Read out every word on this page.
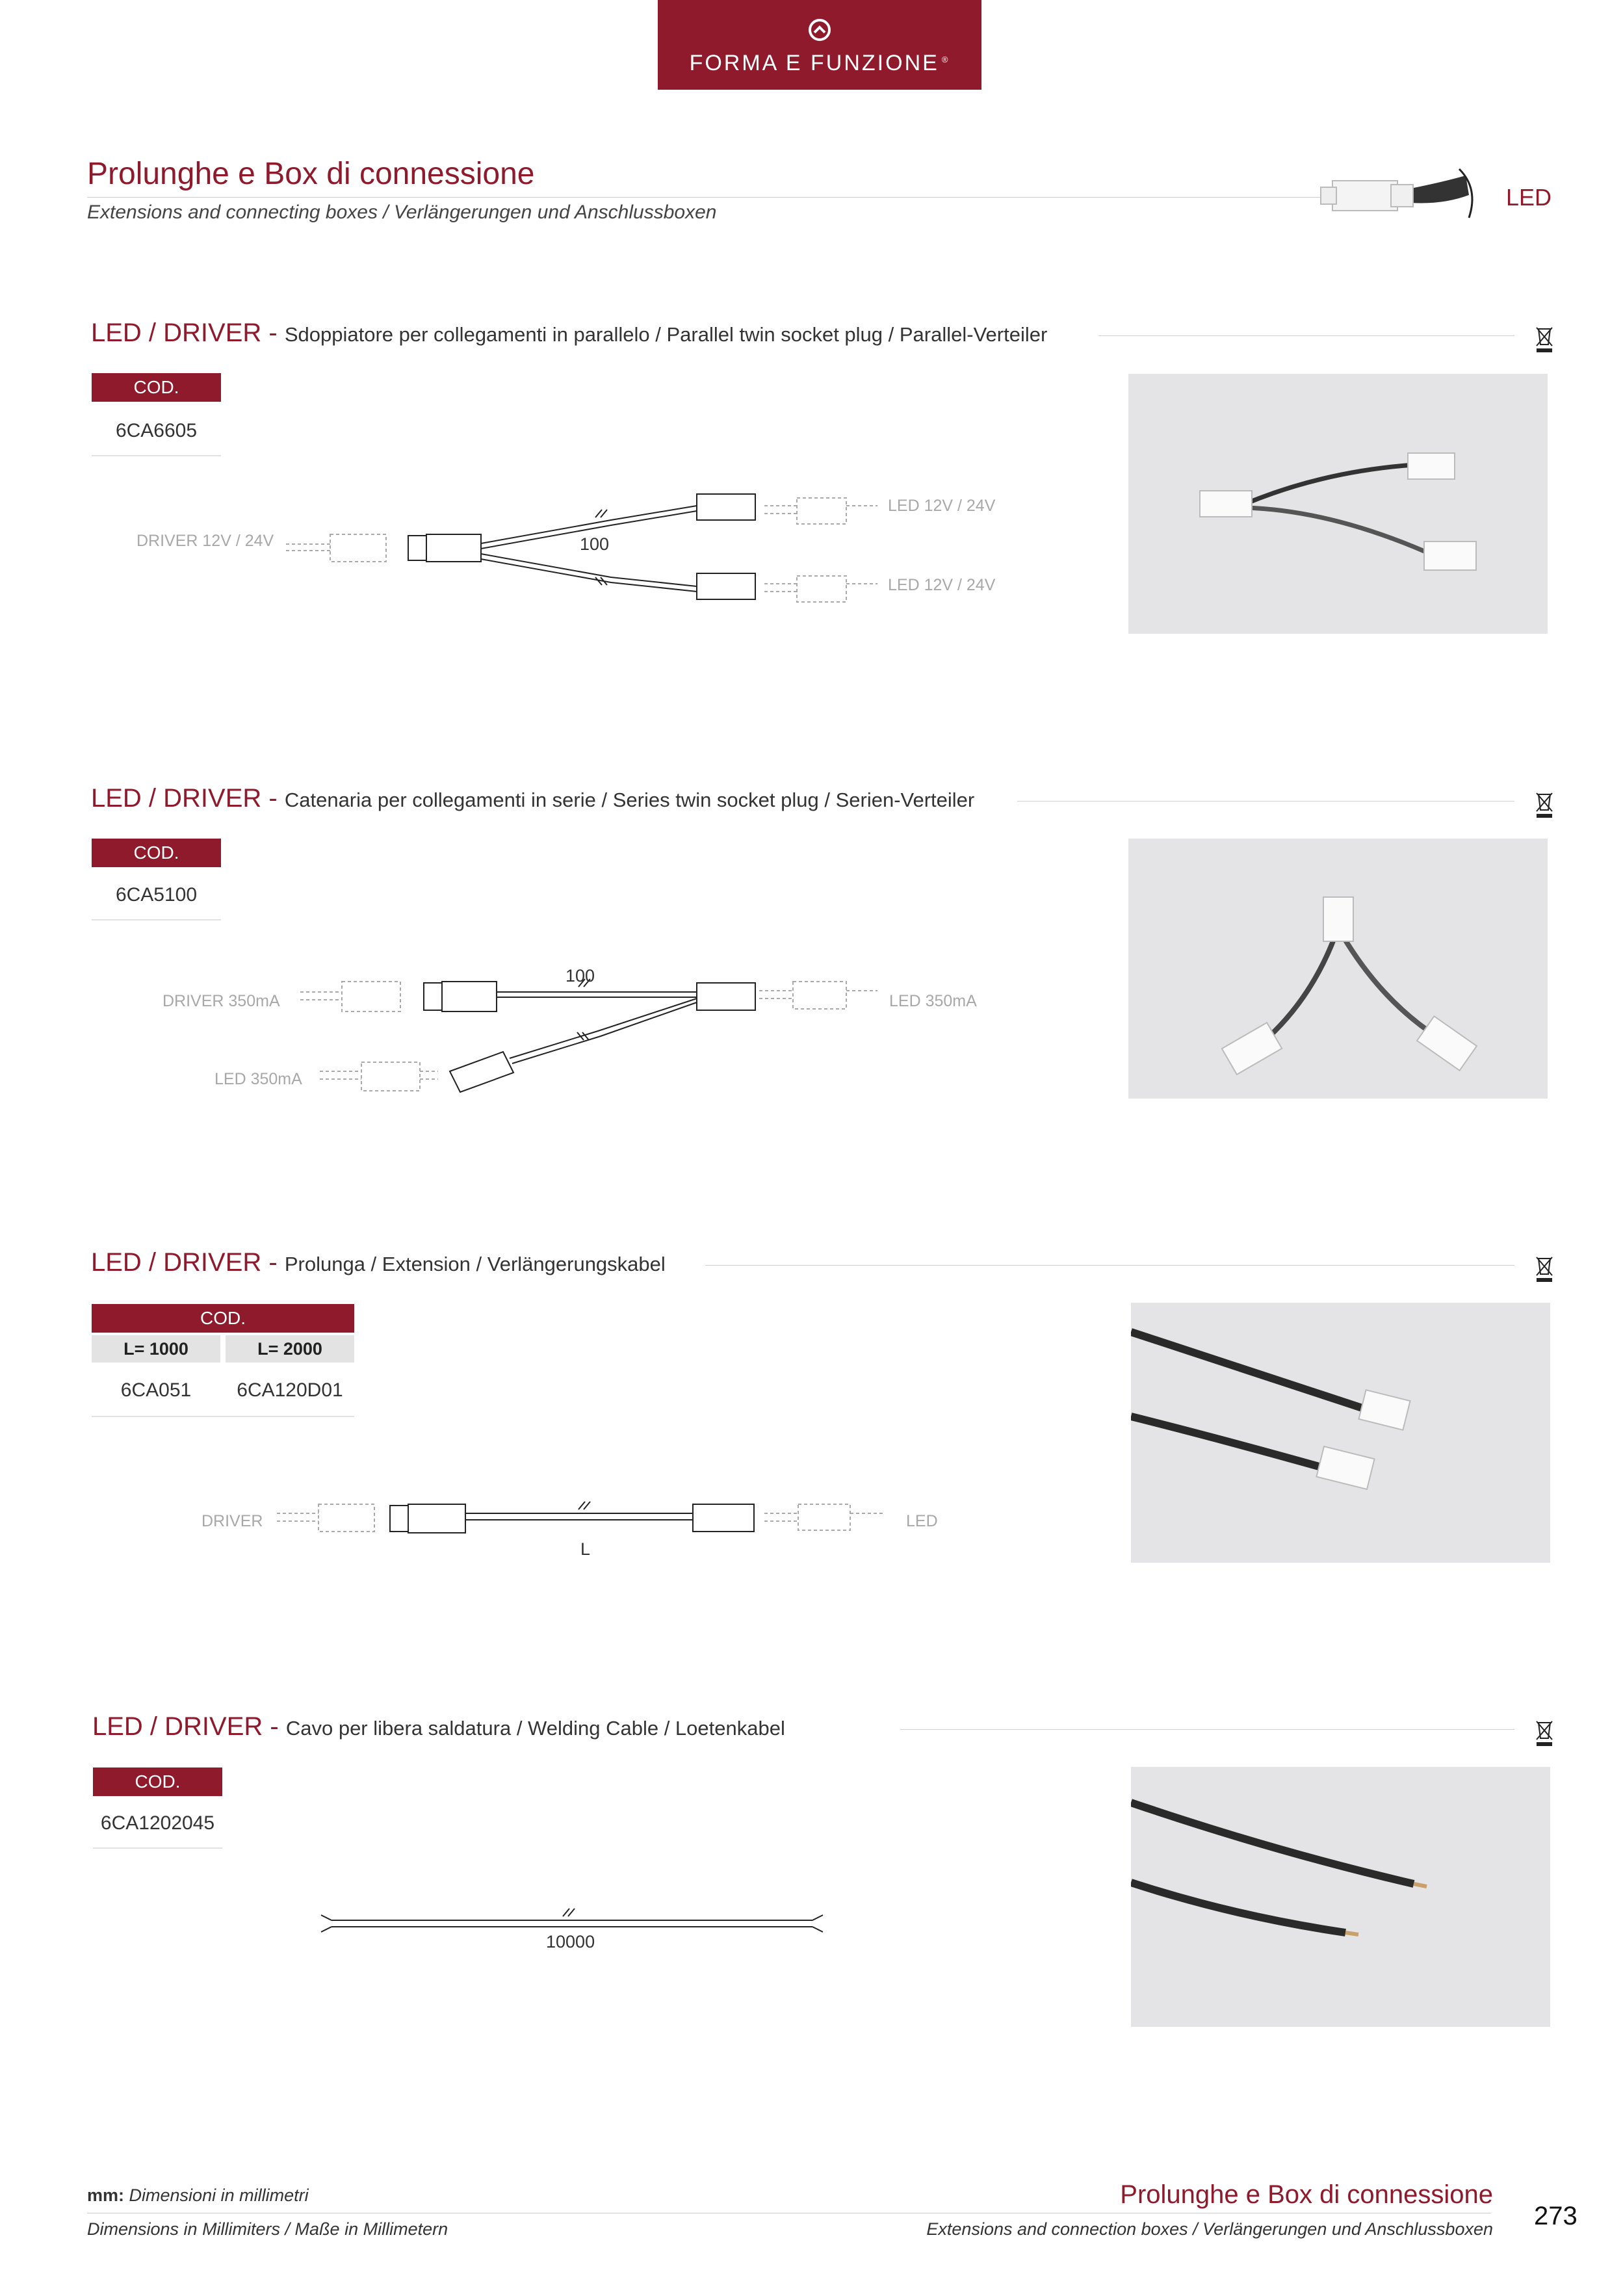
FORMA E FUNZIONE ®
Prolunghe e Box di connessione
Extensions and connecting boxes / Verlängerungen und Anschlussboxen
LED
LED / DRIVER - Sdoppiatore per collegamenti in parallelo / Parallel twin socket plug / Parallel-Verteiler
COD.
6CA6605
DRIVER 12V / 24V	100
LED 12V / 24V
LED 12V / 24V
LED / DRIVER - Catenaria per collegamenti in serie / Series twin socket plug / Serien-Verteiler
COD.
6CA5100
DRIVER 350mA
100
LED 350mA
LED 350mA
LED / DRIVER - Prolunga / Extension / Verlängerungskabel
COD.
L= 1000	L= 2000
6CA051	6CA120D01
DRIVER
L
LED
LED / DRIVER - Cavo per libera saldatura / Welding Cable / Loetenkabel
COD.
6CA1202045
10000
mm: Dimensioni in millimetri
Dimensions in Millimiters / Maße in Millimetern
Prolunghe e Box di connessione
Extensions and connection boxes / Verlängerungen und Anschlussboxen 273
